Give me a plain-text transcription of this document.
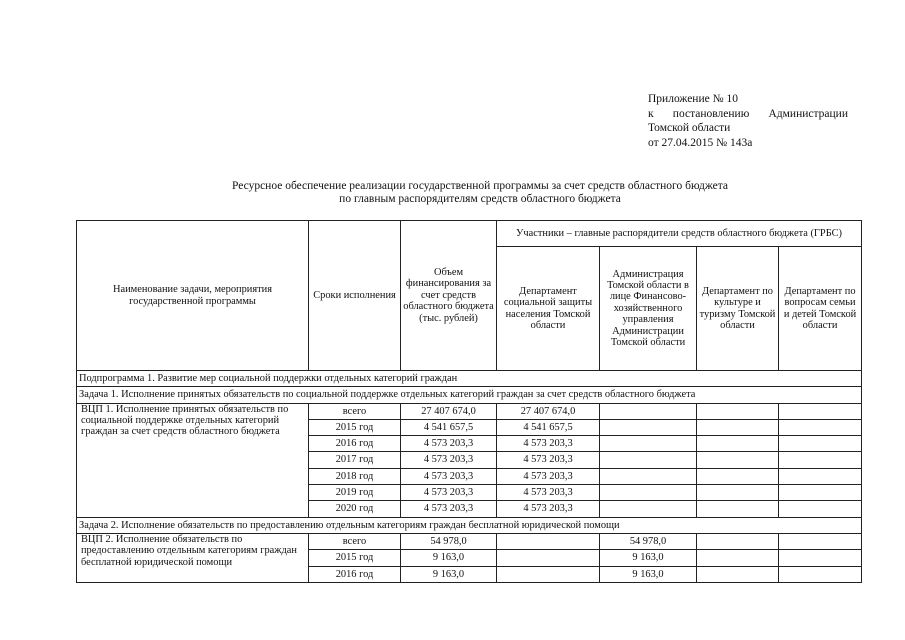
Приложение № 10
к постановлению Администрации
Томской области
от 27.04.2015 № 143а
Ресурсное обеспечение реализации государственной программы за счет средств областного бюджета
по главным распорядителям средств областного бюджета
Наименование задачи, мероприятия государственной программы	Сроки исполнения	Объем финансирования за счет средств областного бюджета (тыс. рублей)	Участники – главные распорядители средств областного бюджета (ГРБС)			
			Департамент социальной защиты населения Томской области	Администрация Томской области в лице Финансово-хозяйственного управления Администрации Томской области	Департамент по культуре и туризму Томской области	Департамент по вопросам семьи и детей Томской области
Подпрограмма 1. Развитие мер социальной поддержки отдельных категорий граждан						
Задача 1. Исполнение принятых обязательств по социальной поддержке отдельных категорий граждан за счет средств областного бюджета						
ВЦП 1. Исполнение принятых обязательств по социальной поддержке отдельных категорий граждан за счет средств областного бюджета	всего	27 407 674,0	27 407 674,0			
	2015 год	4 541 657,5	4 541 657,5			
	2016 год	4 573 203,3	4 573 203,3			
	2017 год	4 573 203,3	4 573 203,3			
	2018 год	4 573 203,3	4 573 203,3			
	2019 год	4 573 203,3	4 573 203,3			
	2020 год	4 573 203,3	4 573 203,3			
Задача 2. Исполнение обязательств по предоставлению отдельным категориям граждан бесплатной юридической помощи						
ВЦП 2. Исполнение обязательств по предоставлению отдельным категориям граждан бесплатной юридической помощи	всего	54 978,0		54 978,0		
	2015 год	9 163,0		9 163,0		
	2016 год	9 163,0		9 163,0		
